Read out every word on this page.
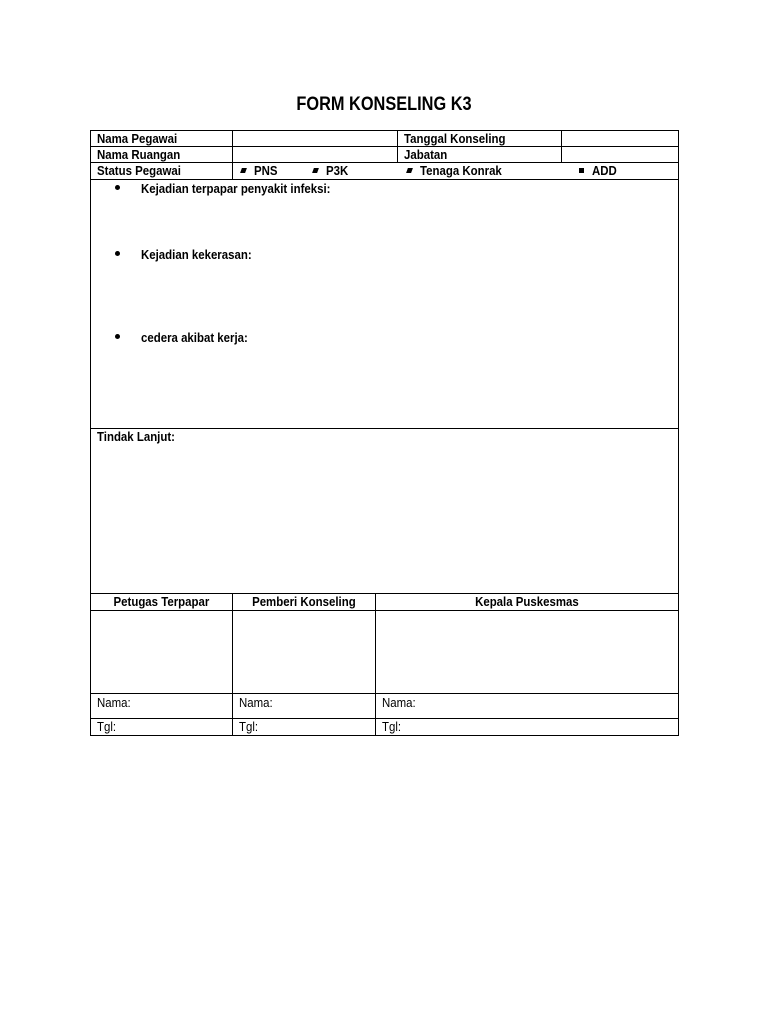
FORM KONSELING K3
Nama Pegawai			Tanggal Konseling	
Nama Ruangan			Jabatan	
Status Pegawai	PNS P3K Tenaga Konrak ADD			

Kejadian terpapar penyakit infeksi:
Kejadian kekerasan:
cedera akibat kerja:				

Tindak Lanjut:				
Petugas Terpapar	Pemberi Konseling	Kepala Puskesmas		

Nama:	Nama:	Nama:		
Tgl:	Tgl:	Tgl:		
